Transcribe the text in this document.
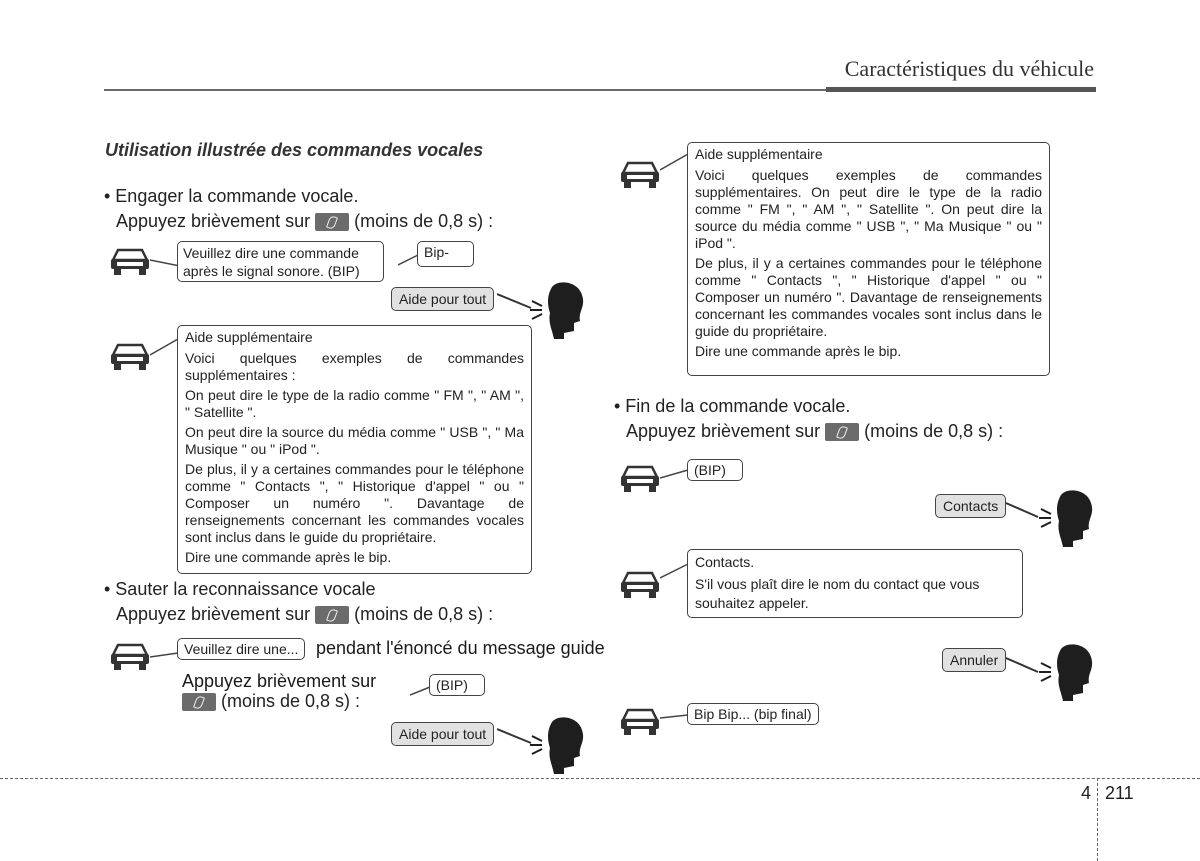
Caractéristiques du véhicule
Utilisation illustrée des commandes vocales
• Engager la commande vocale.
Appuyez brièvement sur (moins de 0,8 s) :
Veuillez dire une commande
après le signal sonore. (BIP)
Bip-
Aide pour tout

Aide supplémentaire

Voici quelques exemples de commandes supplémentaires :

On peut dire le type de la radio comme " FM ", " AM ", " Satellite ".

On peut dire la source du média comme " USB ", " Ma Musique " ou " iPod ".

De plus, il y a certaines commandes pour le téléphone comme " Contacts ", " Historique d'appel " ou " Composer un numéro ". Davantage de renseignements concernant les commandes vocales sont inclus dans le guide du propriétaire.

Dire une commande après le bip.

• Sauter la reconnaissance vocale
Appuyez brièvement sur (moins de 0,8 s) :
Veuillez dire une... pendant l'énoncé du message guide
Appuyez brièvement sur
(moins de 0,8 s) :
(BIP)
Aide pour tout

Aide supplémentaire

Voici quelques exemples de commandes supplémentaires. On peut dire le type de la radio comme " FM ", " AM ", " Satellite ". On peut dire la source du média comme " USB ", " Ma Musique " ou " iPod ".

De plus, il y a certaines commandes pour le téléphone comme " Contacts ", " Historique d'appel " ou " Composer un numéro ". Davantage de renseignements concernant les commandes vocales sont inclus dans le guide du propriétaire.

Dire une commande après le bip.

• Fin de la commande vocale.
Appuyez brièvement sur (moins de 0,8 s) :
(BIP)
Contacts

Contacts.

S'il vous plaît dire le nom du contact que vous souhaitez appeler.

Annuler
Bip Bip... (bip final)
4 211
